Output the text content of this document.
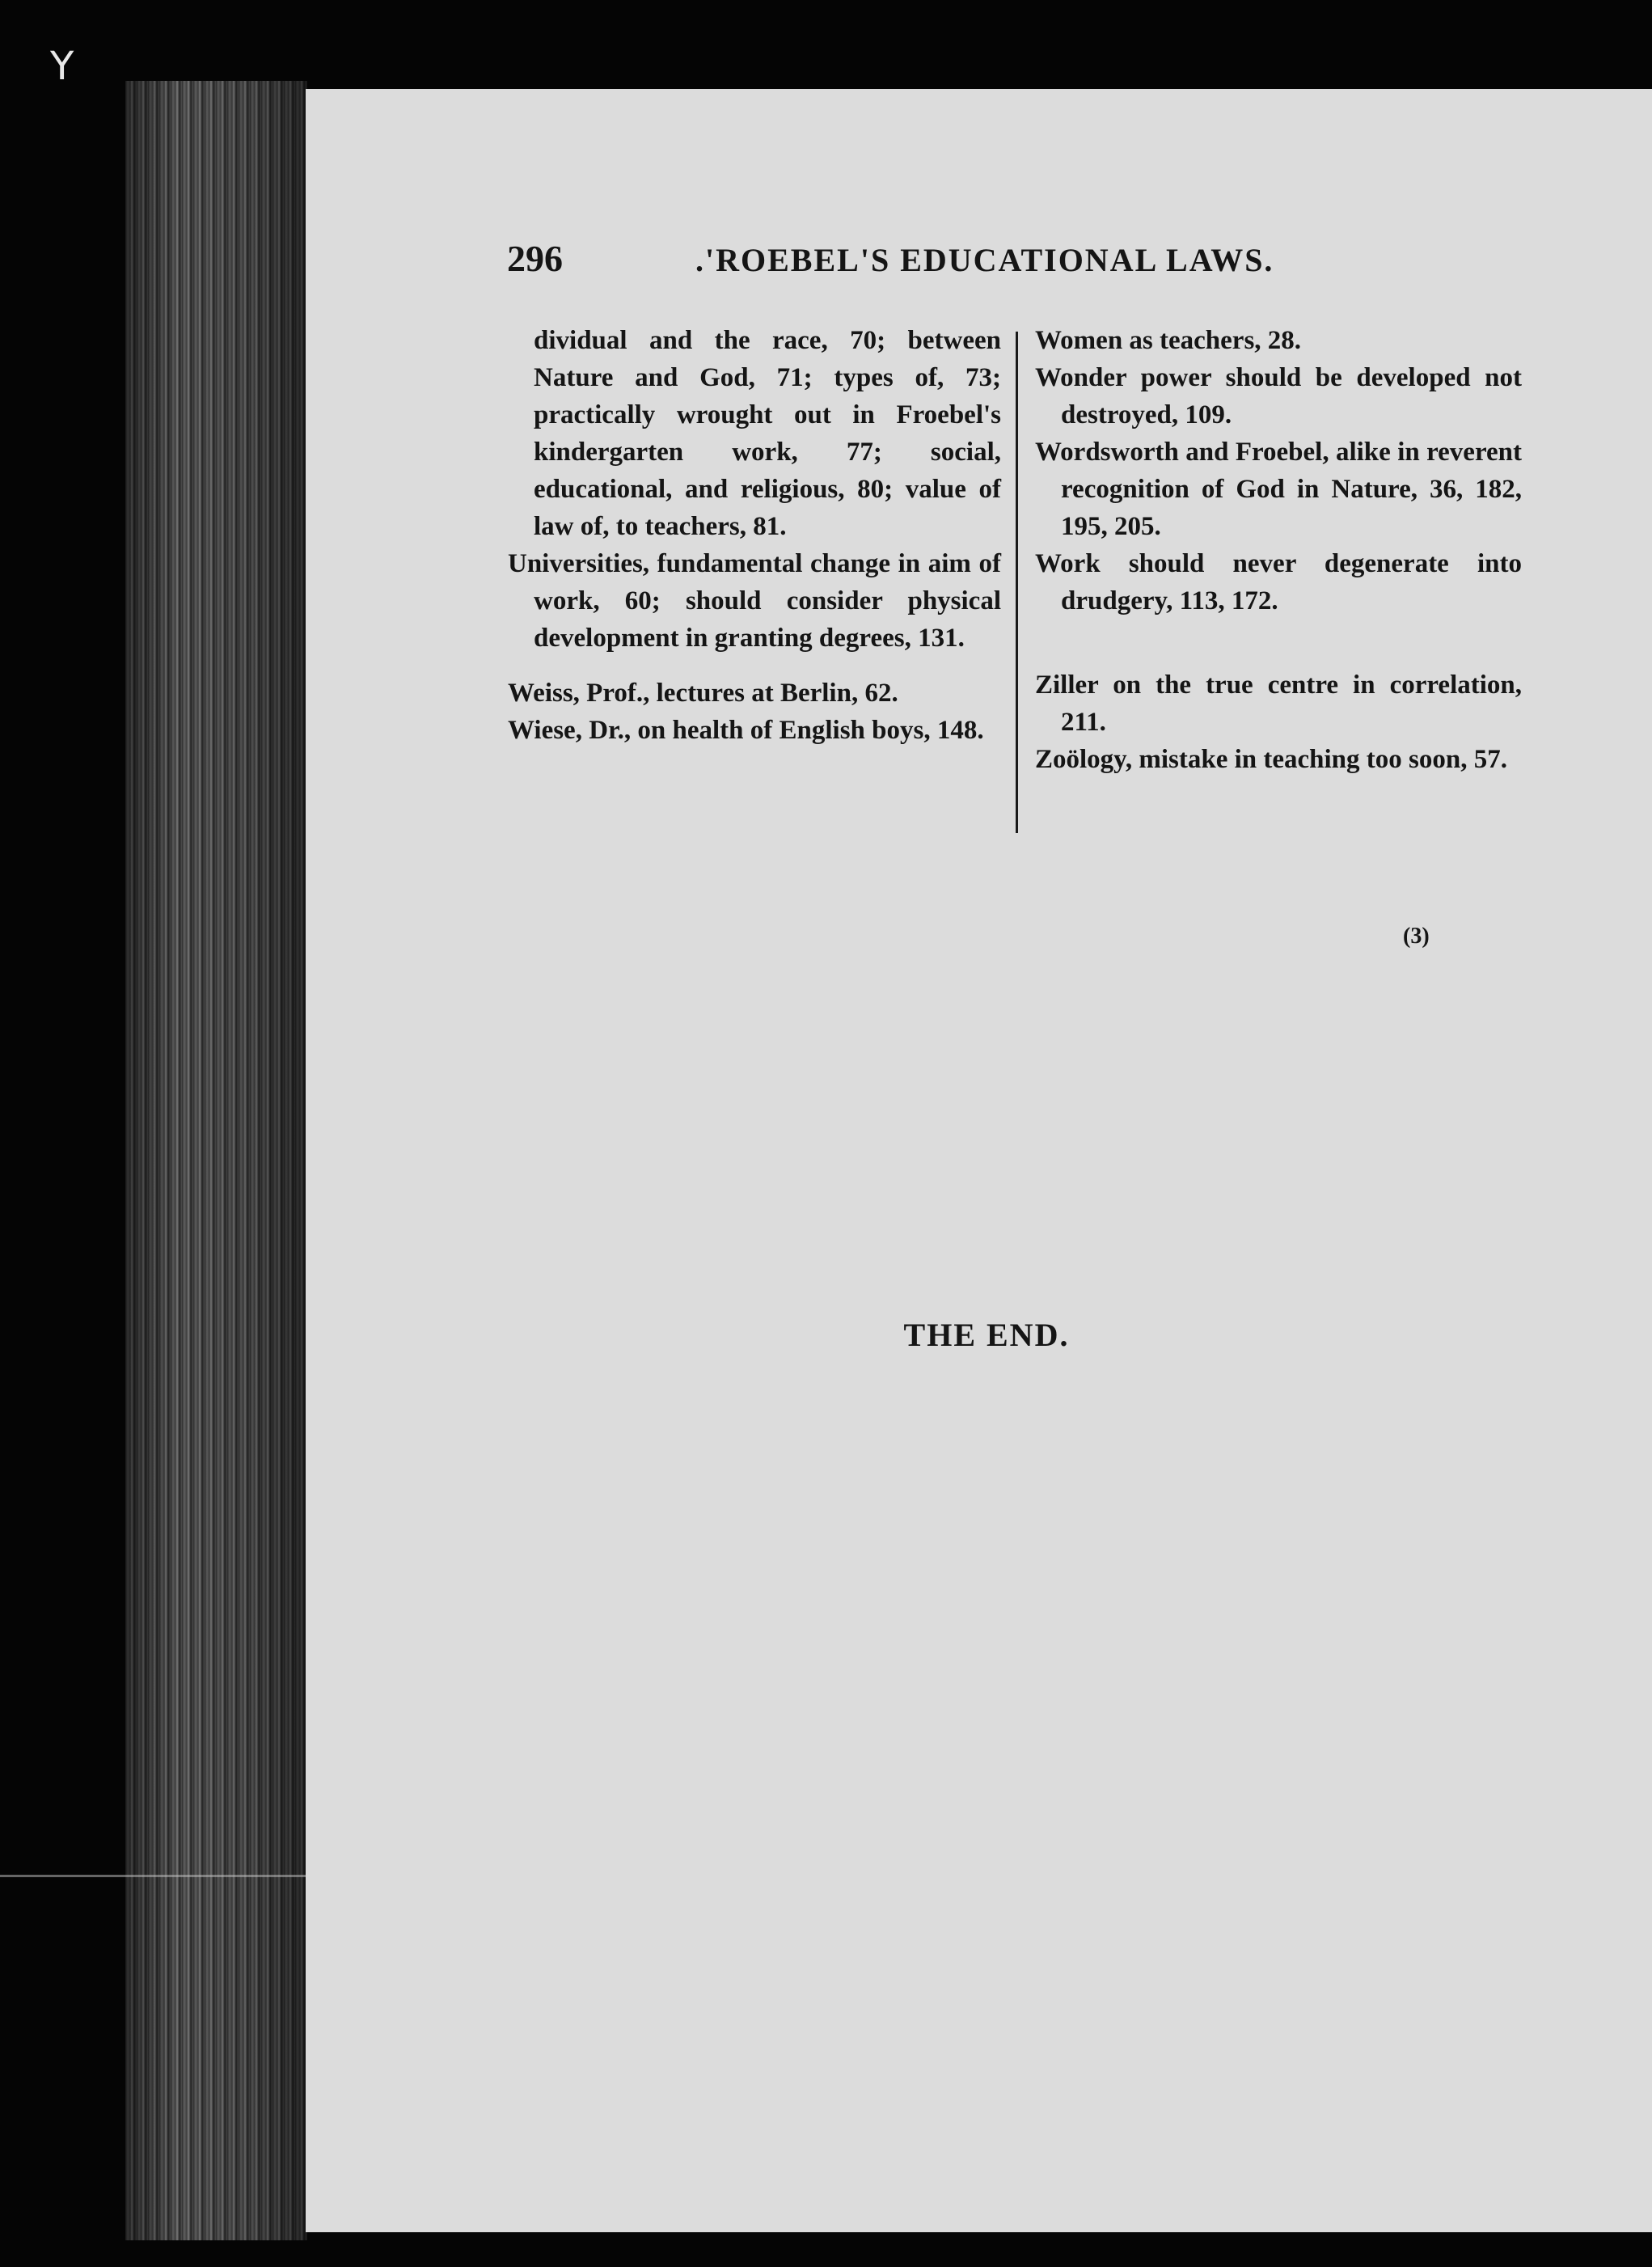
Y
296	.'ROEBEL'S EDUCATIONAL LAWS.
dividual and the race, 70; between Nature and God, 71; types of, 73; practically wrought out in Froebel's kindergarten work, 77; social, educational, and religious, 80; value of law of, to teachers, 81.
Universities, fundamental change in aim of work, 60; should consider physical development in granting degrees, 131.
Weiss, Prof., lectures at Berlin, 62.
Wiese, Dr., on health of English boys, 148.
Women as teachers, 28.
Wonder power should be developed not destroyed, 109.
Wordsworth and Froebel, alike in reverent recognition of God in Nature, 36, 182, 195, 205.
Work should never degenerate into drudgery, 113, 172.
Ziller on the true centre in correlation, 211.
Zoölogy, mistake in teaching too soon, 57.
(3)
THE END.
